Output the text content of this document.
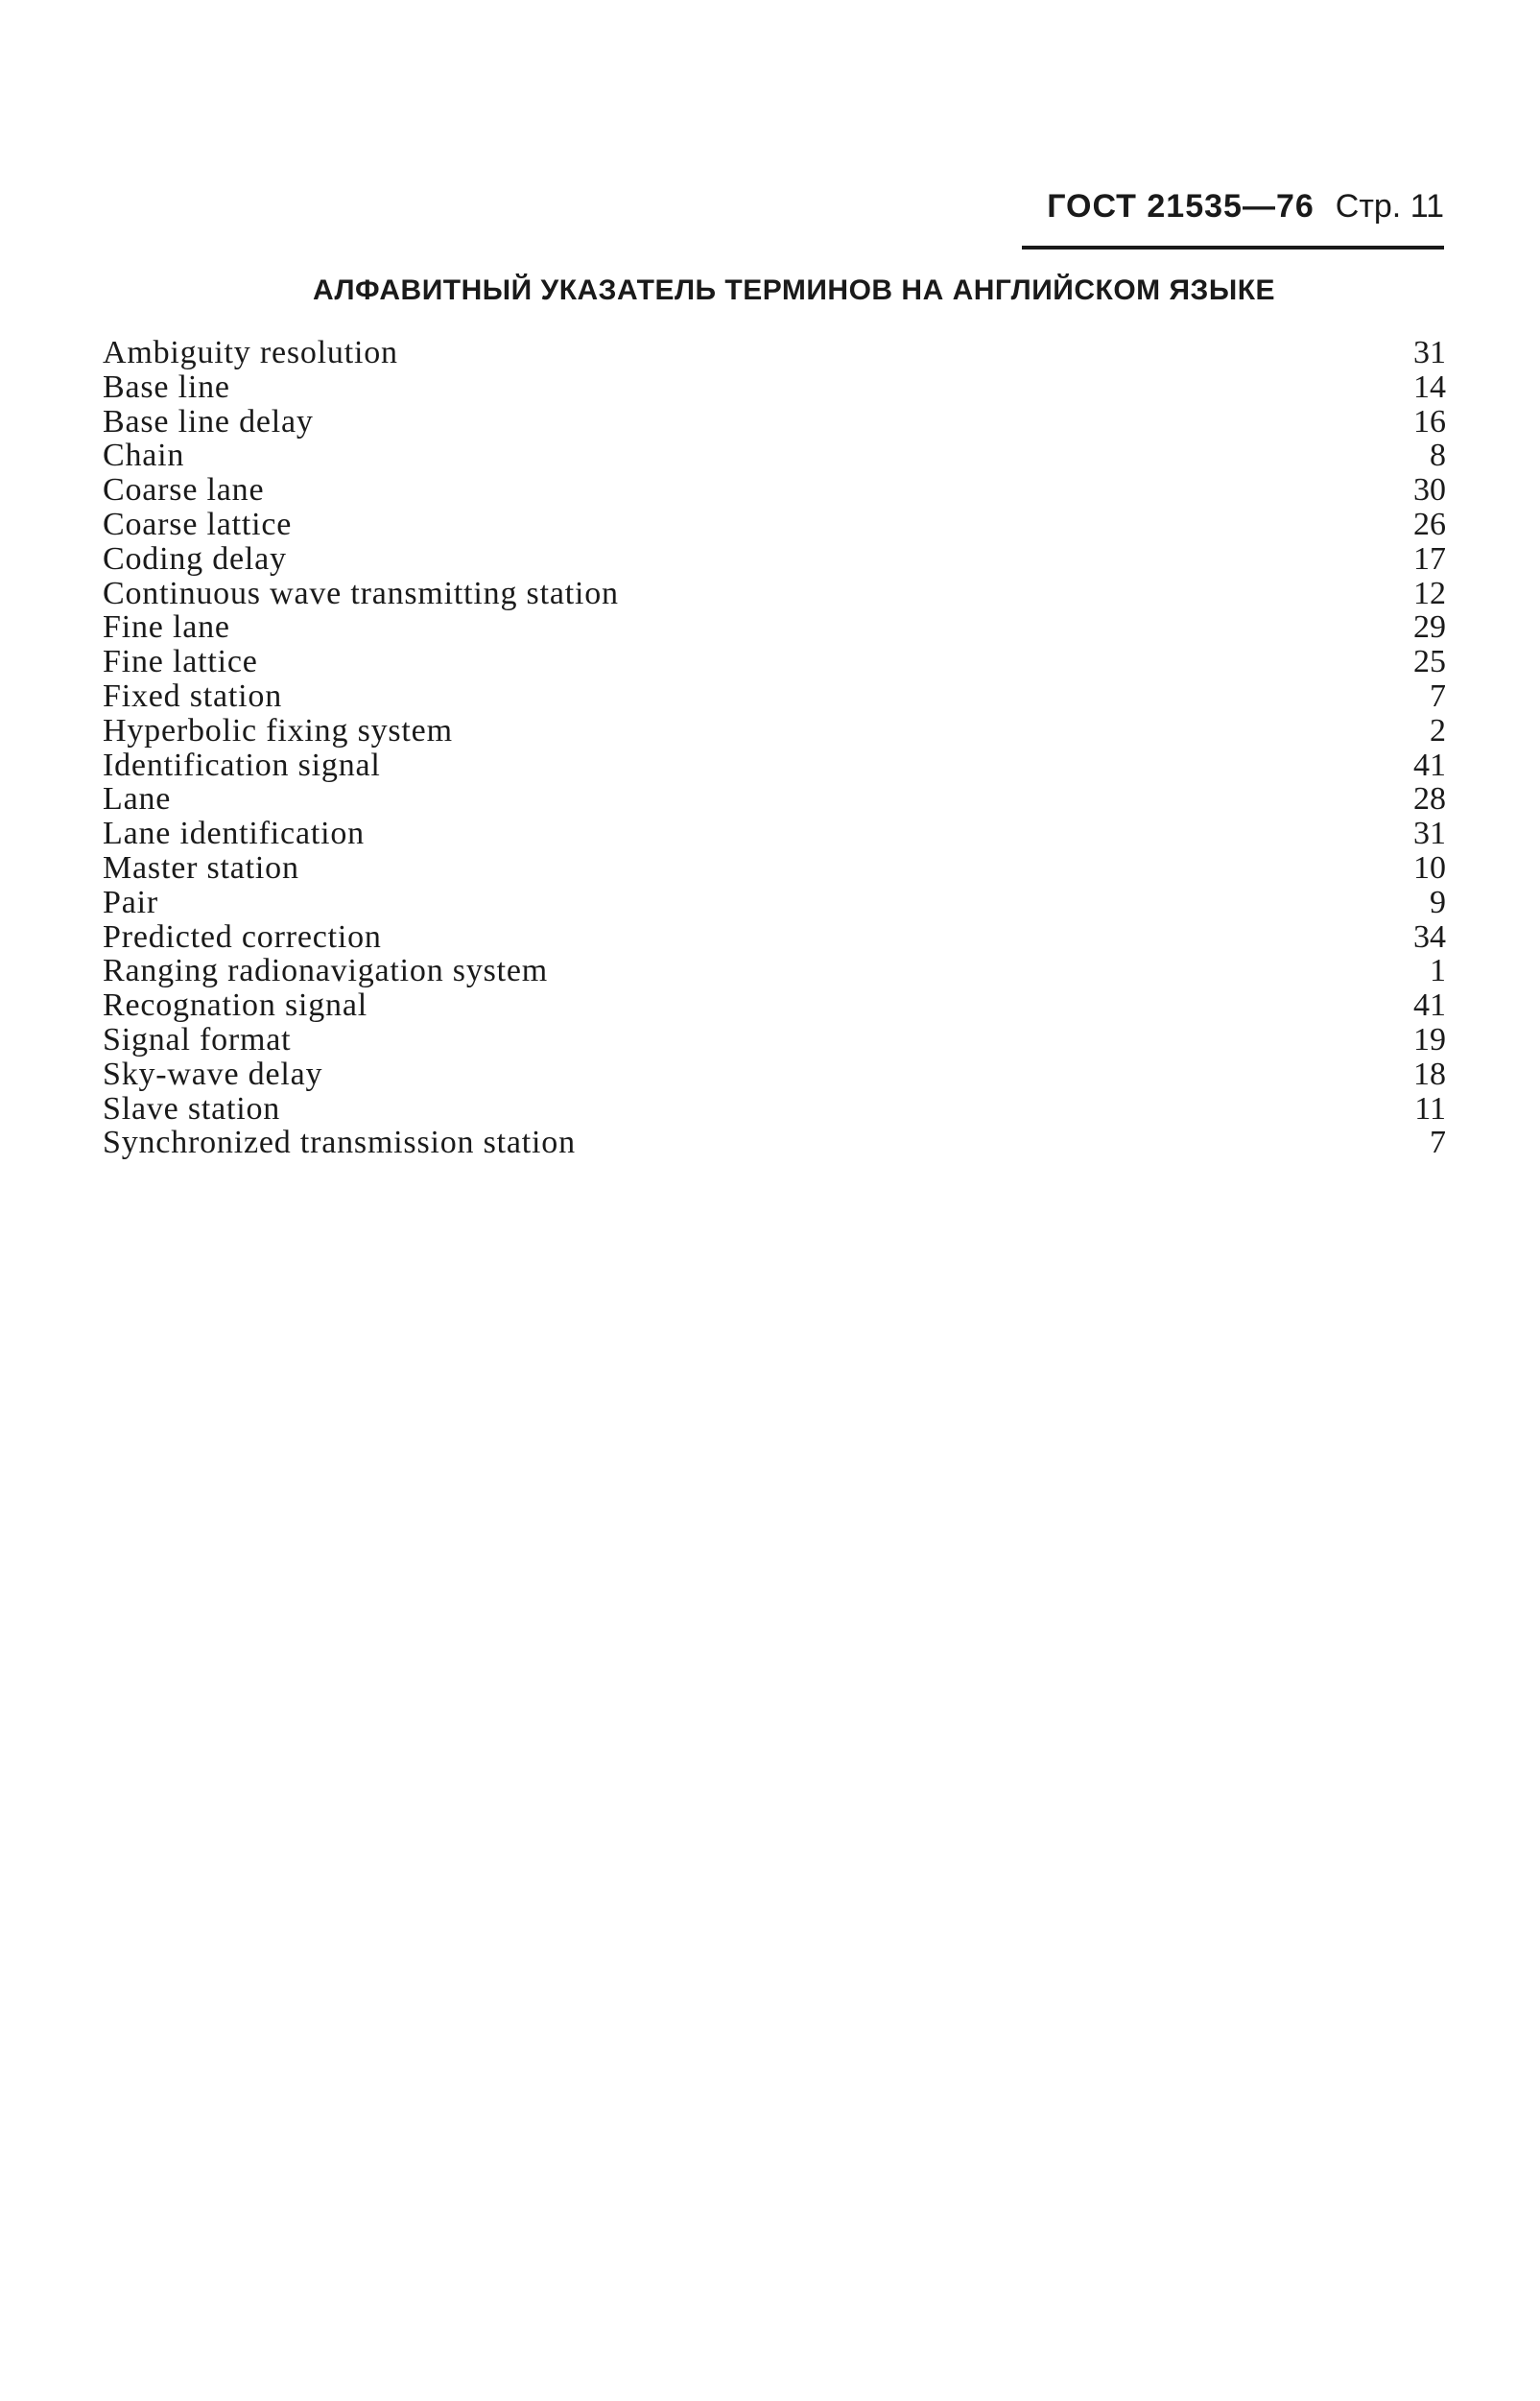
ГОСТ 21535—76 Стр. 11
АЛФАВИТНЫЙ УКАЗАТЕЛЬ ТЕРМИНОВ НА АНГЛИЙСКОМ ЯЗЫКЕ
Ambiguity resolution	31
Base line	14
Base line delay	16
Chain	8
Coarse lane	30
Coarse lattice	26
Coding delay	17
Continuous wave transmitting station	12
Fine lane	29
Fine lattice	25
Fixed station	7
Hyperbolic fixing system	2
Identification signal	41
Lane	28
Lane identification	31
Master station	10
Pair	9
Predicted correction	34
Ranging radionavigation system	1
Recognation signal	41
Signal format	19
Sky-wave delay	18
Slave station	11
Synchronized transmission station	7
